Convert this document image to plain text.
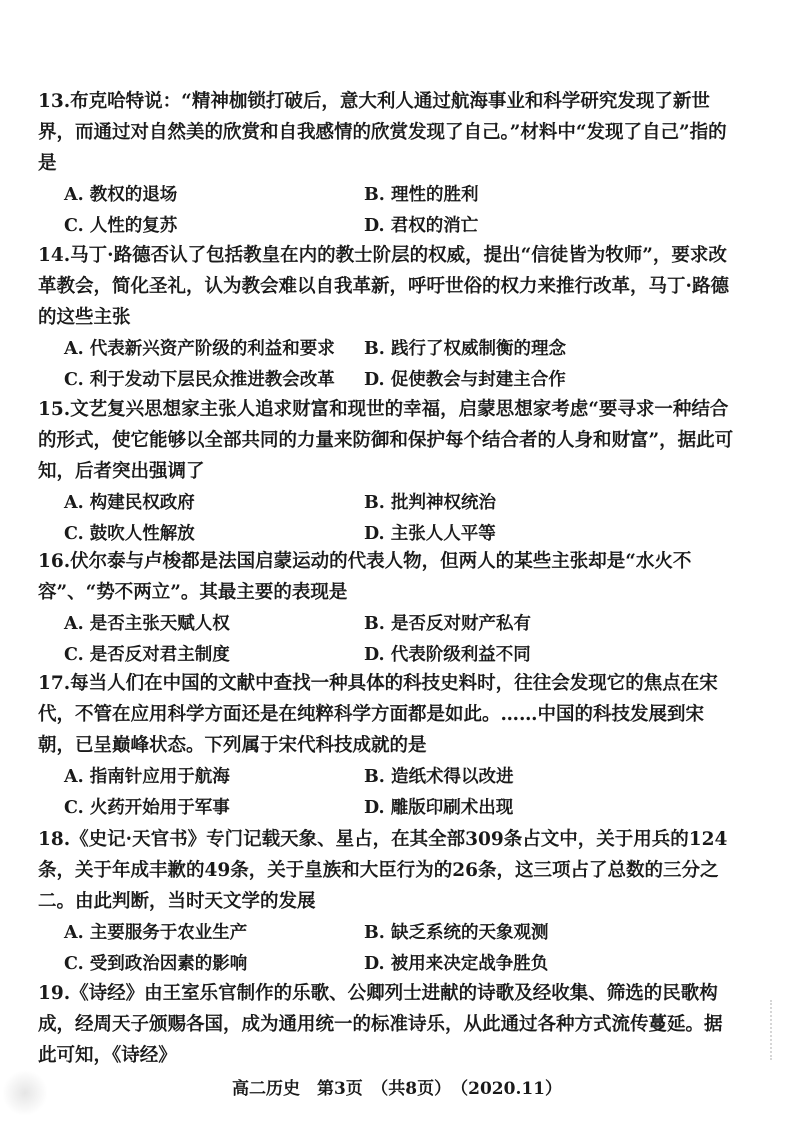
13.布克哈特说：“精神枷锁打破后，意大利人通过航海事业和科学研究发现了新世界，而通过对自然美的欣赏和自我感情的欣赏发现了自己。”材料中“发现了自己”指的是

A. 教权的退场	B. 理性的胜利
C. 人性的复苏	D. 君权的消亡

14.马丁·路德否认了包括教皇在内的教士阶层的权威，提出“信徒皆为牧师”，要求改革教会，简化圣礼，认为教会难以自我革新，呼吁世俗的权力来推行改革，马丁·路德的这些主张

A. 代表新兴资产阶级的利益和要求 B. 践行了权威制衡的理念
C. 利于发动下层民众推进教会改革 D. 促使教会与封建主合作

15.文艺复兴思想家主张人追求财富和现世的幸福，启蒙思想家考虑“要寻求一种结合的形式，使它能够以全部共同的力量来防御和保护每个结合者的人身和财富”，据此可知，后者突出强调了

A. 构建民权政府	B. 批判神权统治
C. 鼓吹人性解放	D. 主张人人平等

16.伏尔泰与卢梭都是法国启蒙运动的代表人物，但两人的某些主张却是“水火不容”、“势不两立”。其最主要的表现是

A. 是否主张天赋人权	B. 是否反对财产私有
C. 是否反对君主制度	D. 代表阶级利益不同

17.每当人们在中国的文献中查找一种具体的科技史料时，往往会发现它的焦点在宋代，不管在应用科学方面还是在纯粹科学方面都是如此。……中国的科技发展到宋朝，已呈巅峰状态。下列属于宋代科技成就的是

A. 指南针应用于航海	B. 造纸术得以改进
C. 火药开始用于军事	D. 雕版印刷术出现

18.《史记·天官书》专门记载天象、星占，在其全部309条占文中，关于用兵的124条，关于年成丰歉的49条，关于皇族和大臣行为的26条，这三项占了总数的三分之二。由此判断，当时天文学的发展

A. 主要服务于农业生产	B. 缺乏系统的天象观测
C. 受到政治因素的影响	D. 被用来决定战争胜负

19.《诗经》由王室乐官制作的乐歌、公卿列士进献的诗歌及经收集、筛选的民歌构成，经周天子颁赐各国，成为通用统一的标准诗乐，从此通过各种方式流传蔓延。据此可知，《诗经》

高二历史　第3页　（共8页）　（2020.11）
